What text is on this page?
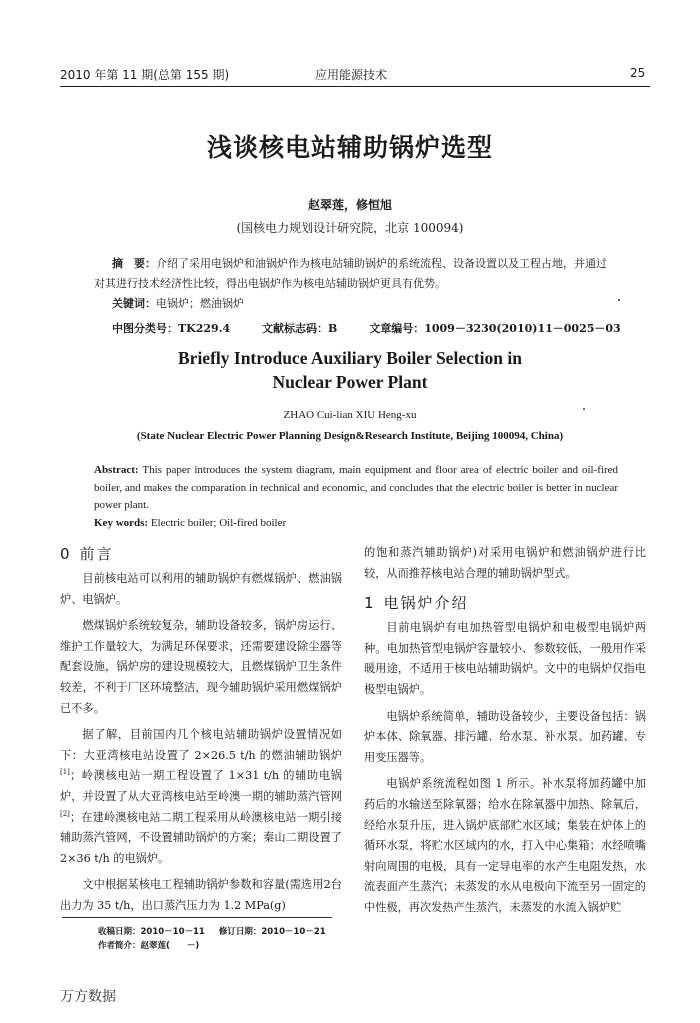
2010 年第 11 期(总第 155 期)	应用能源技术	25
浅谈核电站辅助锅炉选型
赵翠莲，修恒旭
(国核电力规划设计研究院，北京 100094)
摘　要：介绍了采用电锅炉和油锅炉作为核电站辅助锅炉的系统流程、设备设置以及工程占地，并通过对其进行技术经济性比较，得出电锅炉作为核电站辅助锅炉更具有优势。
关键词：电锅炉；燃油锅炉
中图分类号：TK229.4	文献标志码：B	文章编号：1009－3230(2010)11－0025－03
Briefly Introduce Auxiliary Boiler Selection in
Nuclear Power Plant
ZHAO Cui-lian XIU Heng-xu
(State Nuclear Electric Power Planning Design&Research Institute, Beijing 100094, China)
Abstract: This paper introduces the system diagram, main equipment and floor area of electric boiler and oil-fired boiler, and makes the comparation in technical and economic, and concludes that the electric boiler is better in nuclear power plant.
Key words: Electric boiler; Oil-fired boiler
0 前言

目前核电站可以利用的辅助锅炉有燃煤锅炉、燃油锅炉、电锅炉。

燃煤锅炉系统较复杂，辅助设备较多，锅炉房运行、维护工作量较大，为满足环保要求，还需要建设除尘器等配套设施，锅炉房的建设规模较大，且燃煤锅炉卫生条件较差，不利于厂区环境整洁，现今辅助锅炉采用燃煤锅炉已不多。

据了解，目前国内几个核电站辅助锅炉设置情况如下：大亚湾核电站设置了 2×26.5 t/h 的燃油辅助锅炉[1]；岭澳核电站一期工程设置了 1×31 t/h 的辅助电锅炉，并设置了从大亚湾核电站至岭澳一期的辅助蒸汽管网[2]；在建岭澳核电站二期工程采用从岭澳核电站一期引接辅助蒸汽管网，不设置辅助锅炉的方案；秦山二期设置了 2×36 t/h 的电锅炉。

文中根据某核电工程辅助锅炉参数和容量(需选用2台出力为 35 t/h，出口蒸汽压力为 1.2 MPa(g)

的饱和蒸汽辅助锅炉)对采用电锅炉和燃油锅炉进行比较，从而推荐核电站合理的辅助锅炉型式。

1 电锅炉介绍

目前电锅炉有电加热管型电锅炉和电极型电锅炉两种。电加热管型电锅炉容量较小、参数较低，一般用作采暖用途，不适用于核电站辅助锅炉。文中的电锅炉仅指电极型电锅炉。

电锅炉系统简单，辅助设备较少，主要设备包括：锅炉本体、除氧器、排污罐、给水泵、补水泵、加药罐、专用变压器等。

电锅炉系统流程如图 1 所示。补水泵将加药罐中加药后的水输送至除氧器；给水在除氧器中加热、除氧后，经给水泵升压，进入锅炉底部贮水区域；集装在炉体上的循环水泵，将贮水区域内的水，打入中心集箱；水经喷嘴射向周围的电极，具有一定导电率的水产生电阻发热，水流表面产生蒸汽；未蒸发的水从电极向下流至另一固定的中性极，再次发热产生蒸汽，未蒸发的水流入锅炉贮

收稿日期：2010－10－11 修订日期：2010－10－21
作者简介：赵翠莲(　　－)
万方数据
